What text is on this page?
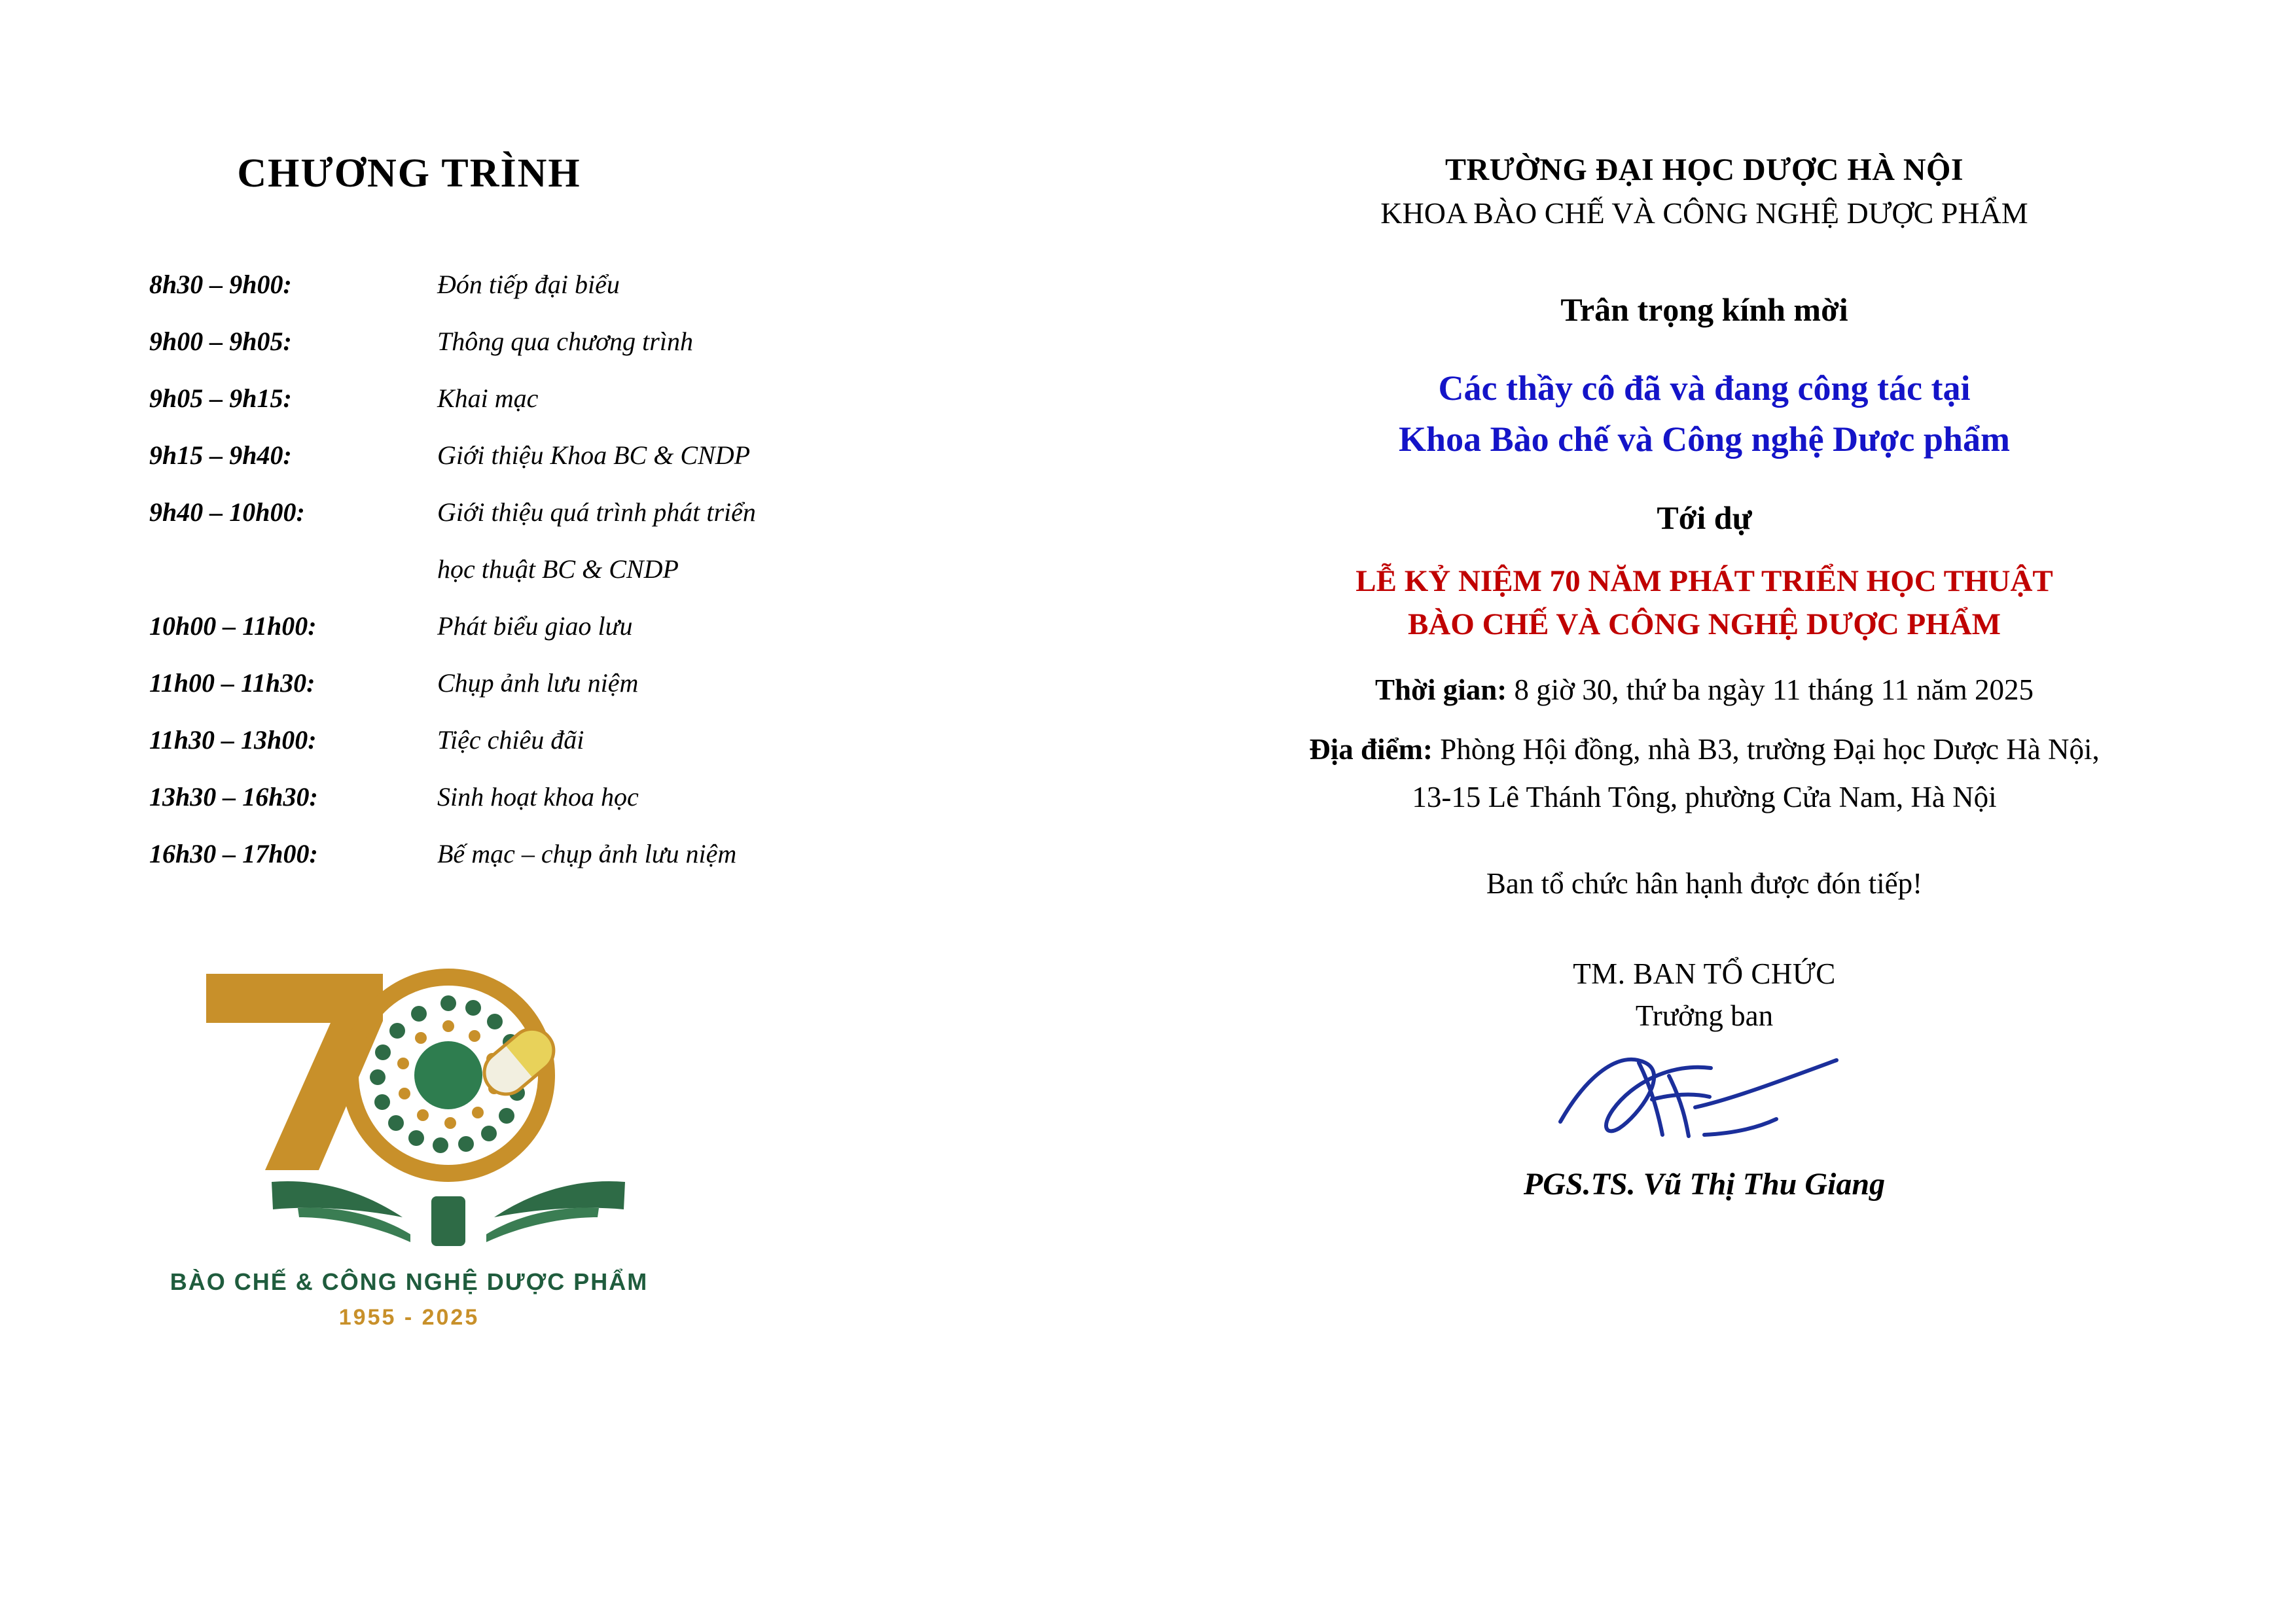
CHƯƠNG TRÌNH
8h30 – 9h00:	Đón tiếp đại biểu
9h00 – 9h05:	Thông qua chương trình
9h05 – 9h15:	Khai mạc
9h15 – 9h40:	Giới thiệu Khoa BC & CNDP
9h40 – 10h00:	Giới thiệu quá trình phát triển
học thuật BC & CNDP
10h00 – 11h00:	Phát biểu giao lưu
11h00 – 11h30:	Chụp ảnh lưu niệm
11h30 – 13h00:	Tiệc chiêu đãi
13h30 – 16h30:	Sinh hoạt khoa học
16h30 – 17h00:	Bế mạc – chụp ảnh lưu niệm
BÀO CHẾ & CÔNG NGHỆ DƯỢC PHẨM
1955 - 2025
TRƯỜNG ĐẠI HỌC DƯỢC HÀ NỘI
KHOA BÀO CHẾ VÀ CÔNG NGHỆ DƯỢC PHẨM
Trân trọng kính mời
Các thầy cô đã và đang công tác tại
Khoa Bào chế và Công nghệ Dược phẩm
Tới dự
LỄ KỶ NIỆM 70 NĂM PHÁT TRIỂN HỌC THUẬT
BÀO CHẾ VÀ CÔNG NGHỆ DƯỢC PHẨM
Thời gian: 8 giờ 30, thứ ba ngày 11 tháng 11 năm 2025
Địa điểm: Phòng Hội đồng, nhà B3, trường Đại học Dược Hà Nội,
13-15 Lê Thánh Tông, phường Cửa Nam, Hà Nội
Ban tổ chức hân hạnh được đón tiếp!
TM. BAN TỔ CHỨC
Trưởng ban
PGS.TS. Vũ Thị Thu Giang
